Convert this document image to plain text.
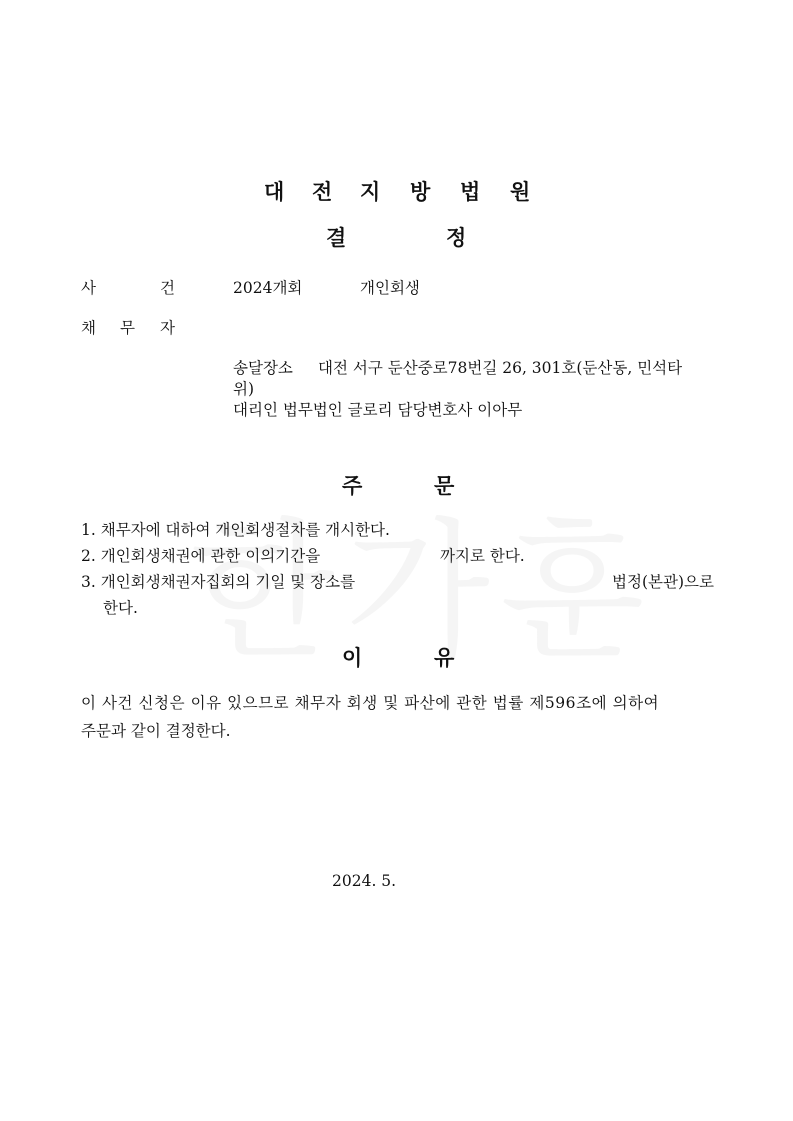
대 전 지 방 법 원
결	정
사	건	2024개회	개인회생
채 무 자
송달장소 대전 서구 둔산중로78번길 26, 301호(둔산동, 민석타
위)
대리인 법무법인 글로리 담당변호사 이아무
주	문
1. 채무자에 대하여 개인회생절차를 개시한다.
2. 개인회생채권에 관한 이의기간을	까지로 한다.
3. 개인회생채권자집회의 기일 및 장소를	법정(본관)으로
한다.
이	유
이 사건 신청은 이유 있으므로 채무자 회생 및 파산에 관한 법률 제596조에 의하여
주문과 같이 결정한다.
2024. 5.
